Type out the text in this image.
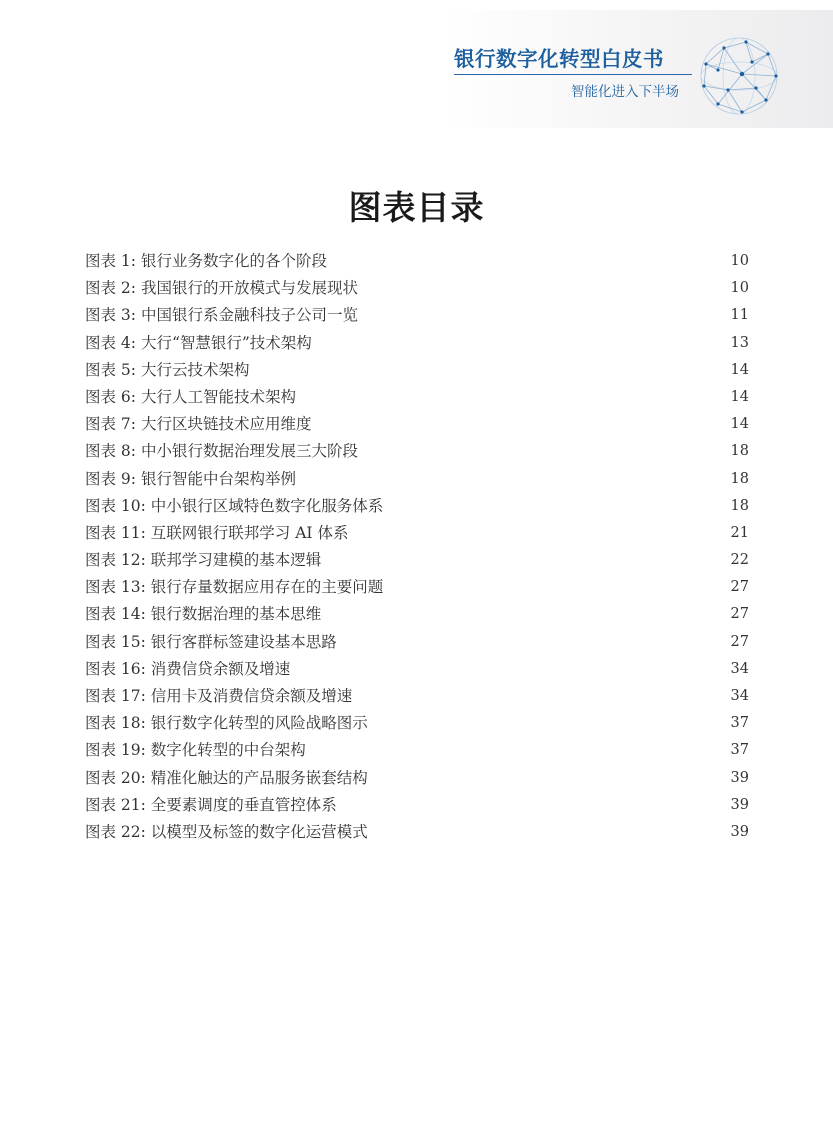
银行数字化转型白皮书
智能化进入下半场
图表目录
图表 1: 银行业务数字化的各个阶段	10
图表 2: 我国银行的开放模式与发展现状	10
图表 3: 中国银行系金融科技子公司一览	11
图表 4: 大行“智慧银行”技术架构	13
图表 5: 大行云技术架构	14
图表 6: 大行人工智能技术架构	14
图表 7: 大行区块链技术应用维度	14
图表 8: 中小银行数据治理发展三大阶段	18
图表 9: 银行智能中台架构举例	18
图表 10: 中小银行区域特色数字化服务体系	18
图表 11: 互联网银行联邦学习 AI 体系	21
图表 12: 联邦学习建模的基本逻辑	22
图表 13: 银行存量数据应用存在的主要问题	27
图表 14: 银行数据治理的基本思维	27
图表 15: 银行客群标签建设基本思路	27
图表 16: 消费信贷余额及增速	34
图表 17: 信用卡及消费信贷余额及增速	34
图表 18: 银行数字化转型的风险战略图示	37
图表 19: 数字化转型的中台架构	37
图表 20: 精准化触达的产品服务嵌套结构	39
图表 21: 全要素调度的垂直管控体系	39
图表 22: 以模型及标签的数字化运营模式	39
